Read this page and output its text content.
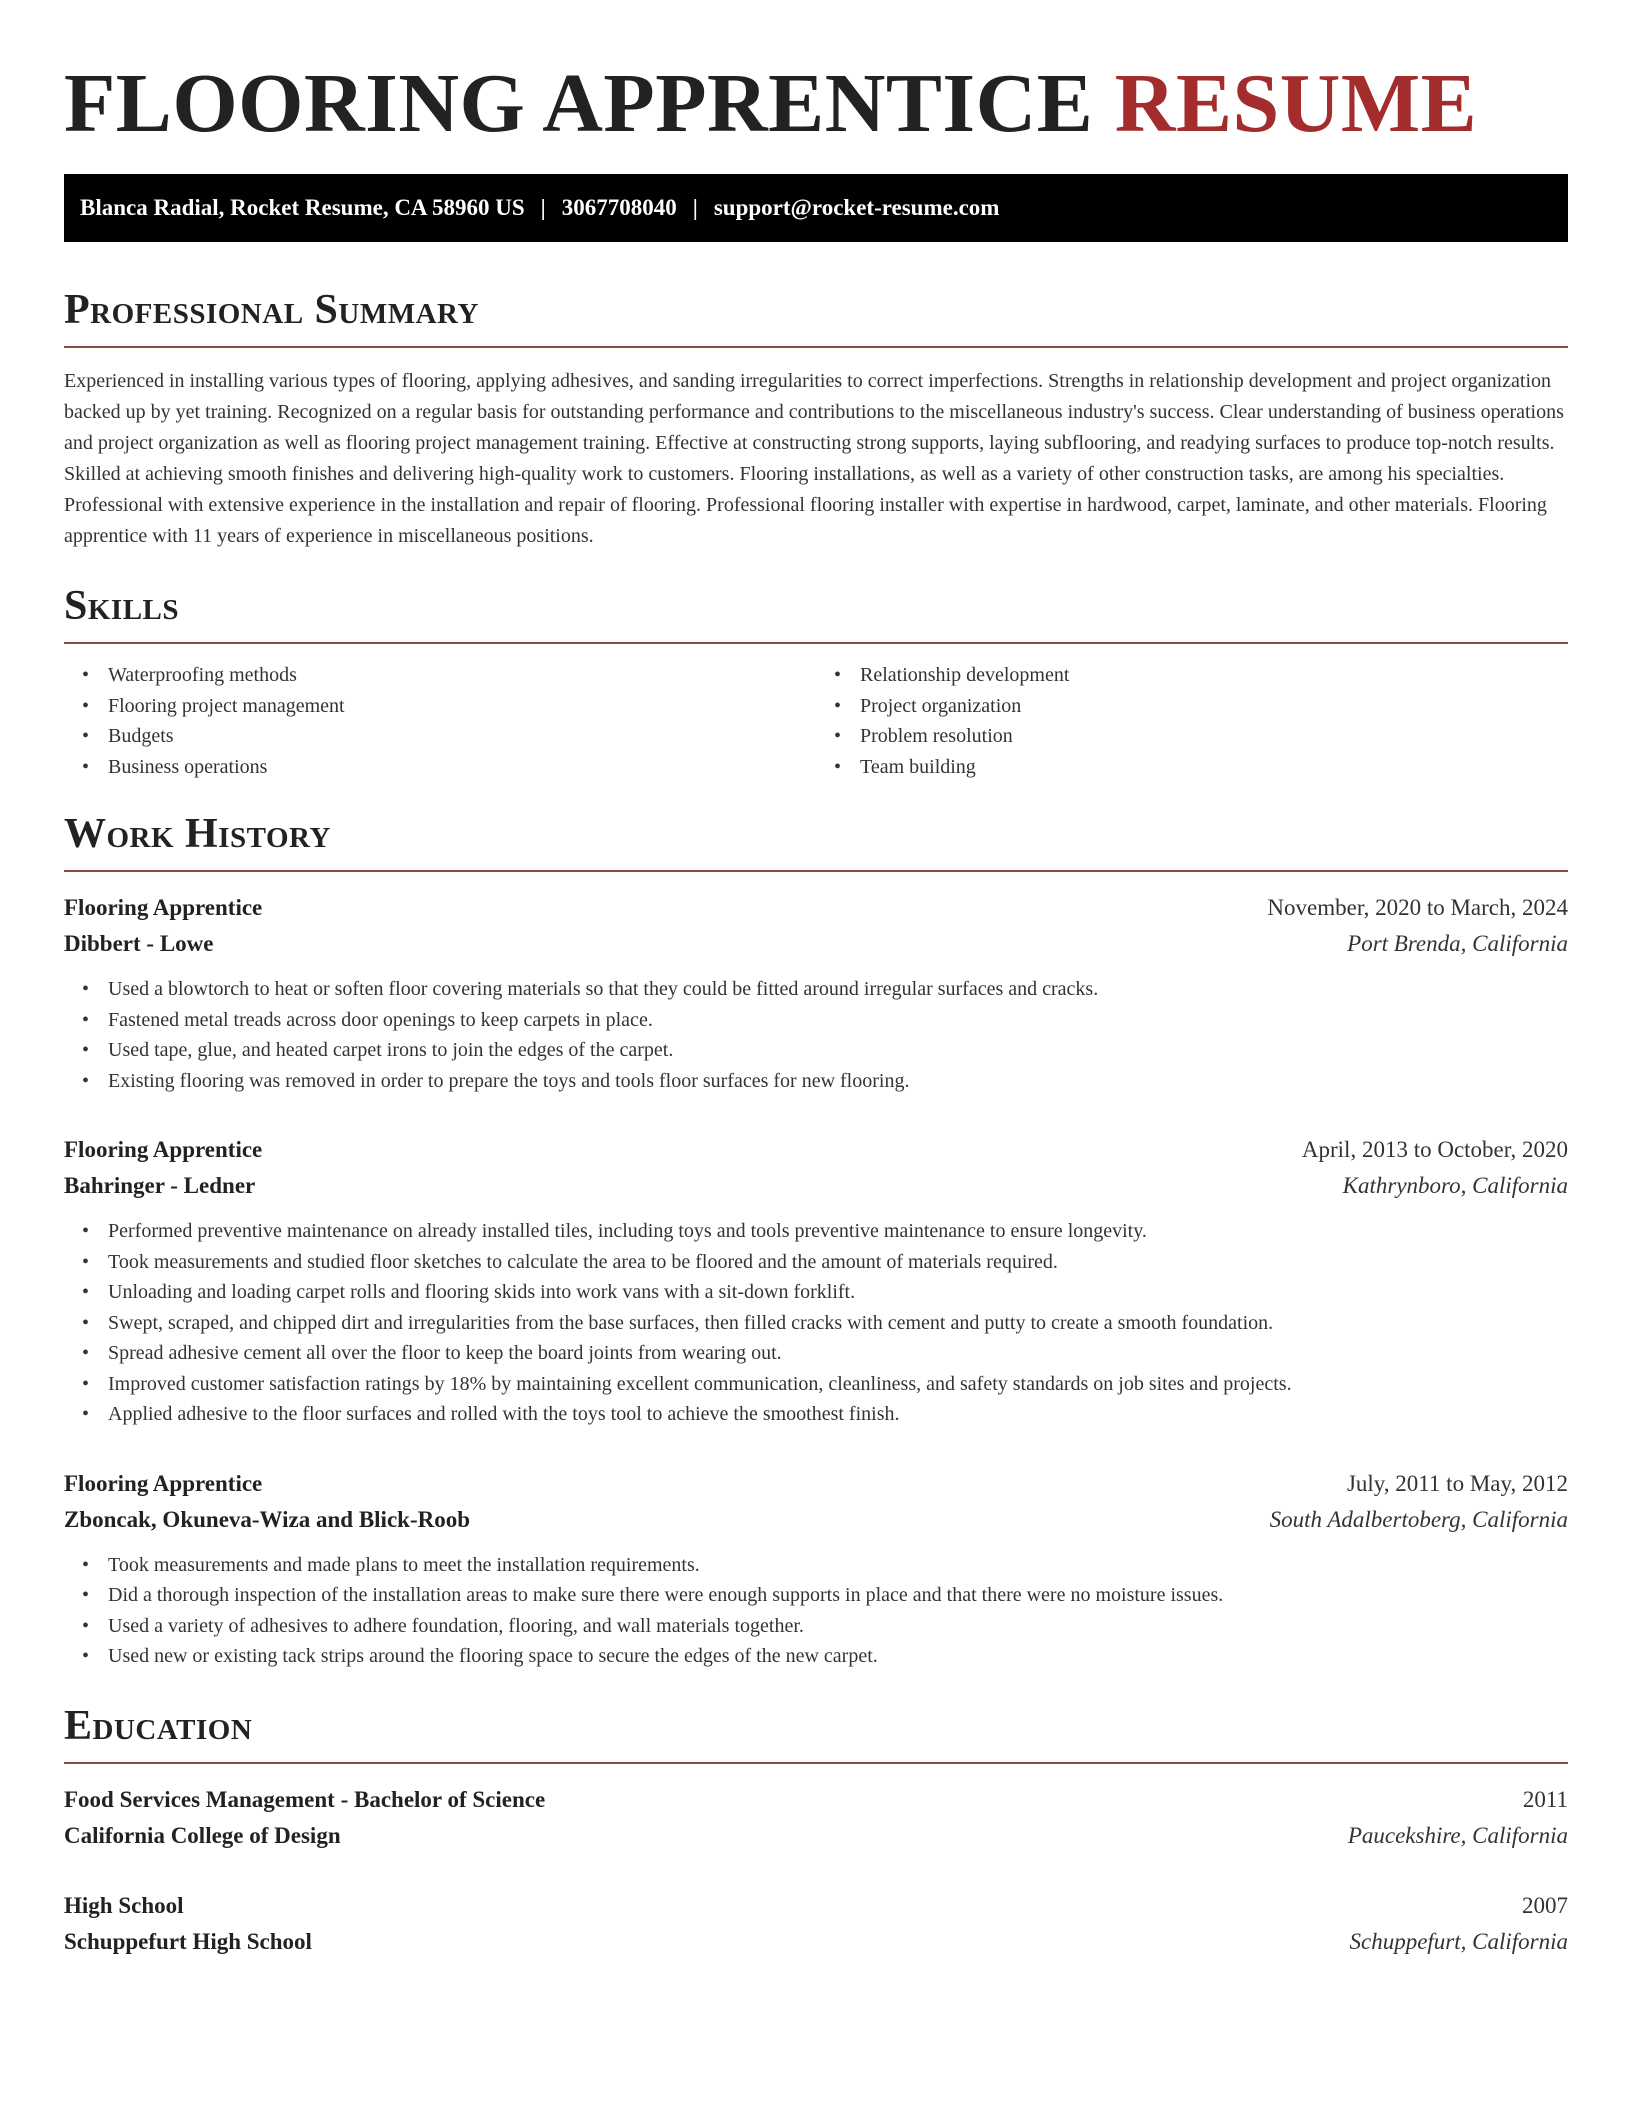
FLOORING APPRENTICE RESUME
Blanca Radial, Rocket Resume, CA 58960 US | 3067708040 | support@rocket-resume.com
Professional Summary

Experienced in installing various types of flooring, applying adhesives, and sanding irregularities to correct imperfections. Strengths in relationship development and project organization backed up by yet training. Recognized on a regular basis for outstanding performance and contributions to the miscellaneous industry's success. Clear understanding of business operations and project organization as well as flooring project management training. Effective at constructing strong supports, laying subflooring, and readying surfaces to produce top-notch results. Skilled at achieving smooth finishes and delivering high-quality work to customers. Flooring installations, as well as a variety of other construction tasks, are among his specialties. Professional with extensive experience in the installation and repair of flooring. Professional flooring installer with expertise in hardwood, carpet, laminate, and other materials. Flooring apprentice with 11 years of experience in miscellaneous positions.

Skills
• Waterproofing methods
• Flooring project management
• Budgets
• Business operations
• Relationship development
• Project organization
• Problem resolution
• Team building
Work History
Flooring Apprentice	November, 2020 to March, 2024
Dibbert - Lowe	Port Brenda, California
• Used a blowtorch to heat or soften floor covering materials so that they could be fitted around irregular surfaces and cracks.
• Fastened metal treads across door openings to keep carpets in place.
• Used tape, glue, and heated carpet irons to join the edges of the carpet.
• Existing flooring was removed in order to prepare the toys and tools floor surfaces for new flooring.
Flooring Apprentice	April, 2013 to October, 2020
Bahringer - Ledner	Kathrynboro, California
• Performed preventive maintenance on already installed tiles, including toys and tools preventive maintenance to ensure longevity.
• Took measurements and studied floor sketches to calculate the area to be floored and the amount of materials required.
• Unloading and loading carpet rolls and flooring skids into work vans with a sit-down forklift.
• Swept, scraped, and chipped dirt and irregularities from the base surfaces, then filled cracks with cement and putty to create a smooth foundation.
• Spread adhesive cement all over the floor to keep the board joints from wearing out.
• Improved customer satisfaction ratings by 18% by maintaining excellent communication, cleanliness, and safety standards on job sites and projects.
• Applied adhesive to the floor surfaces and rolled with the toys tool to achieve the smoothest finish.
Flooring Apprentice	July, 2011 to May, 2012
Zboncak, Okuneva-Wiza and Blick-Roob	South Adalbertoberg, California
• Took measurements and made plans to meet the installation requirements.
• Did a thorough inspection of the installation areas to make sure there were enough supports in place and that there were no moisture issues.
• Used a variety of adhesives to adhere foundation, flooring, and wall materials together.
• Used new or existing tack strips around the flooring space to secure the edges of the new carpet.
Education
Food Services Management - Bachelor of Science	2011
California College of Design	Paucekshire, California
High School	2007
Schuppefurt High School	Schuppefurt, California
